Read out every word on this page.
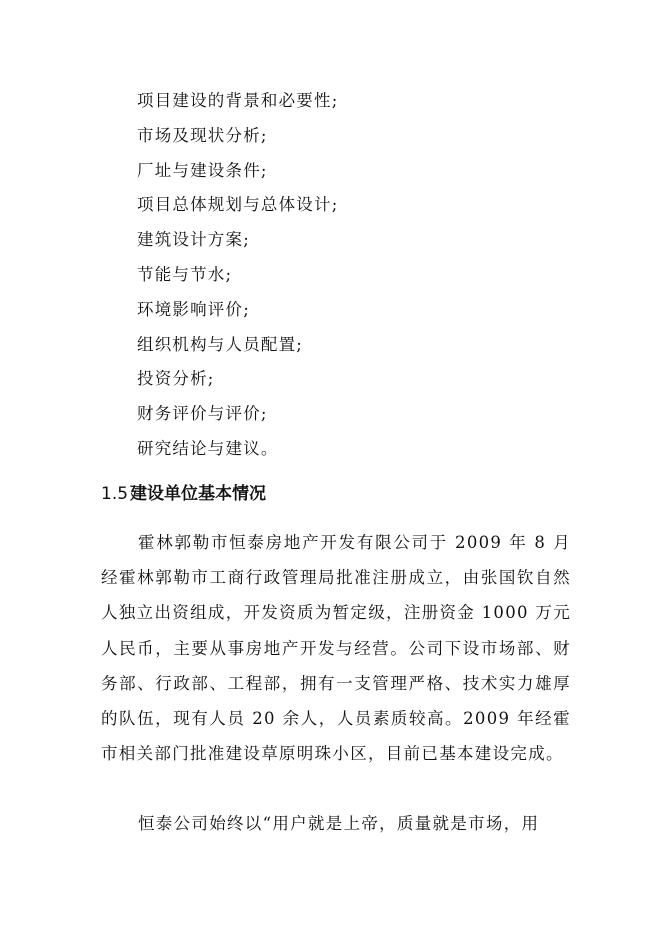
项目建设的背景和必要性;
市场及现状分析;
厂址与建设条件;
项目总体规划与总体设计;
建筑设计方案;
节能与节水;
环境影响评价;
组织机构与人员配置;
投资分析;
财务评价与评价;
研究结论与建议。
1.5 建设单位基本情况

霍林郭勒市恒泰房地产开发有限公司于 2009 年 8 月经霍林郭勒市工商行政管理局批准注册成立，由张国钦自然人独立出资组成，开发资质为暂定级，注册资金 1000 万元人民币，主要从事房地产开发与经营。公司下设市场部、财务部、行政部、工程部，拥有一支管理严格、技术实力雄厚的队伍，现有人员 20 余人，人员素质较高。2009 年经霍市相关部门批准建设草原明珠小区，目前已基本建设完成。

恒泰公司始终以“用户就是上帝，质量就是市场，用
